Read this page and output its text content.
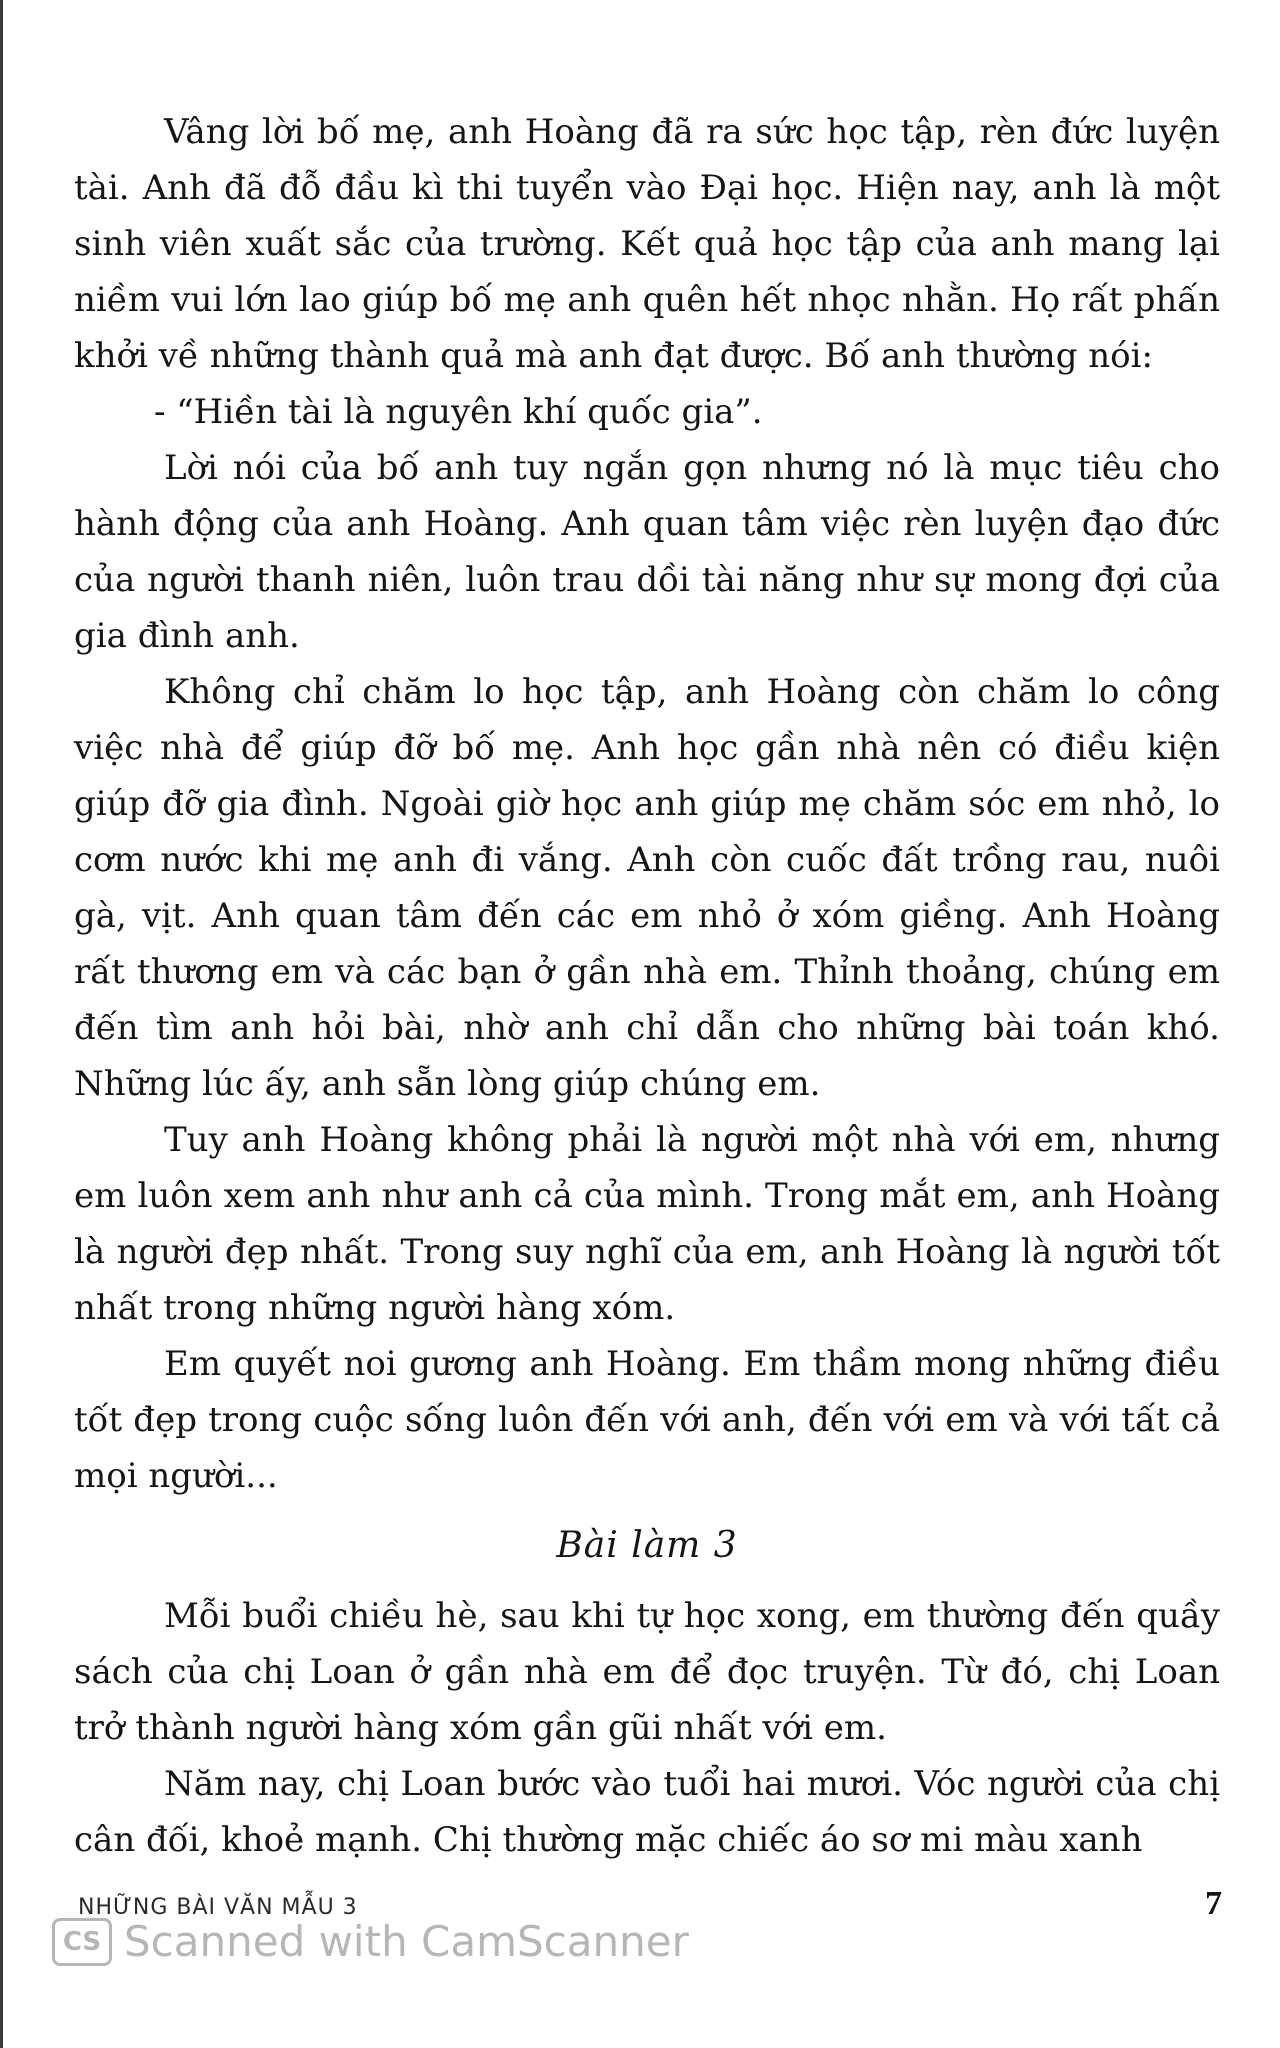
Vâng lời bố mẹ, anh Hoàng đã ra sức học tập, rèn đức luyện tài. Anh đã đỗ đầu kì thi tuyển vào Đại học. Hiện nay, anh là một sinh viên xuất sắc của trường. Kết quả học tập của anh mang lại niềm vui lớn lao giúp bố mẹ anh quên hết nhọc nhằn. Họ rất phấn khởi về những thành quả mà anh đạt được. Bố anh thường nói:

- “Hiền tài là nguyên khí quốc gia”.

Lời nói của bố anh tuy ngắn gọn nhưng nó là mục tiêu cho hành động của anh Hoàng. Anh quan tâm việc rèn luyện đạo đức của người thanh niên, luôn trau dồi tài năng như sự mong đợi của gia đình anh.

Không chỉ chăm lo học tập, anh Hoàng còn chăm lo công việc nhà để giúp đỡ bố mẹ. Anh học gần nhà nên có điều kiện giúp đỡ gia đình. Ngoài giờ học anh giúp mẹ chăm sóc em nhỏ, lo cơm nước khi mẹ anh đi vắng. Anh còn cuốc đất trồng rau, nuôi gà, vịt. Anh quan tâm đến các em nhỏ ở xóm giềng. Anh Hoàng rất thương em và các bạn ở gần nhà em. Thỉnh thoảng, chúng em đến tìm anh hỏi bài, nhờ anh chỉ dẫn cho những bài toán khó. Những lúc ấy, anh sẵn lòng giúp chúng em.

Tuy anh Hoàng không phải là người một nhà với em, nhưng em luôn xem anh như anh cả của mình. Trong mắt em, anh Hoàng là người đẹp nhất. Trong suy nghĩ của em, anh Hoàng là người tốt nhất trong những người hàng xóm.

Em quyết noi gương anh Hoàng. Em thầm mong những điều tốt đẹp trong cuộc sống luôn đến với anh, đến với em và với tất cả mọi người...

Bài làm 3

Mỗi buổi chiều hè, sau khi tự học xong, em thường đến quầy sách của chị Loan ở gần nhà em để đọc truyện. Từ đó, chị Loan trở thành người hàng xóm gần gũi nhất với em.

Năm nay, chị Loan bước vào tuổi hai mươi. Vóc người của chị cân đối, khoẻ mạnh. Chị thường mặc chiếc áo sơ mi màu xanh

NHỮNG BÀI VĂN MẪU 3	7
CS Scanned with CamScanner
